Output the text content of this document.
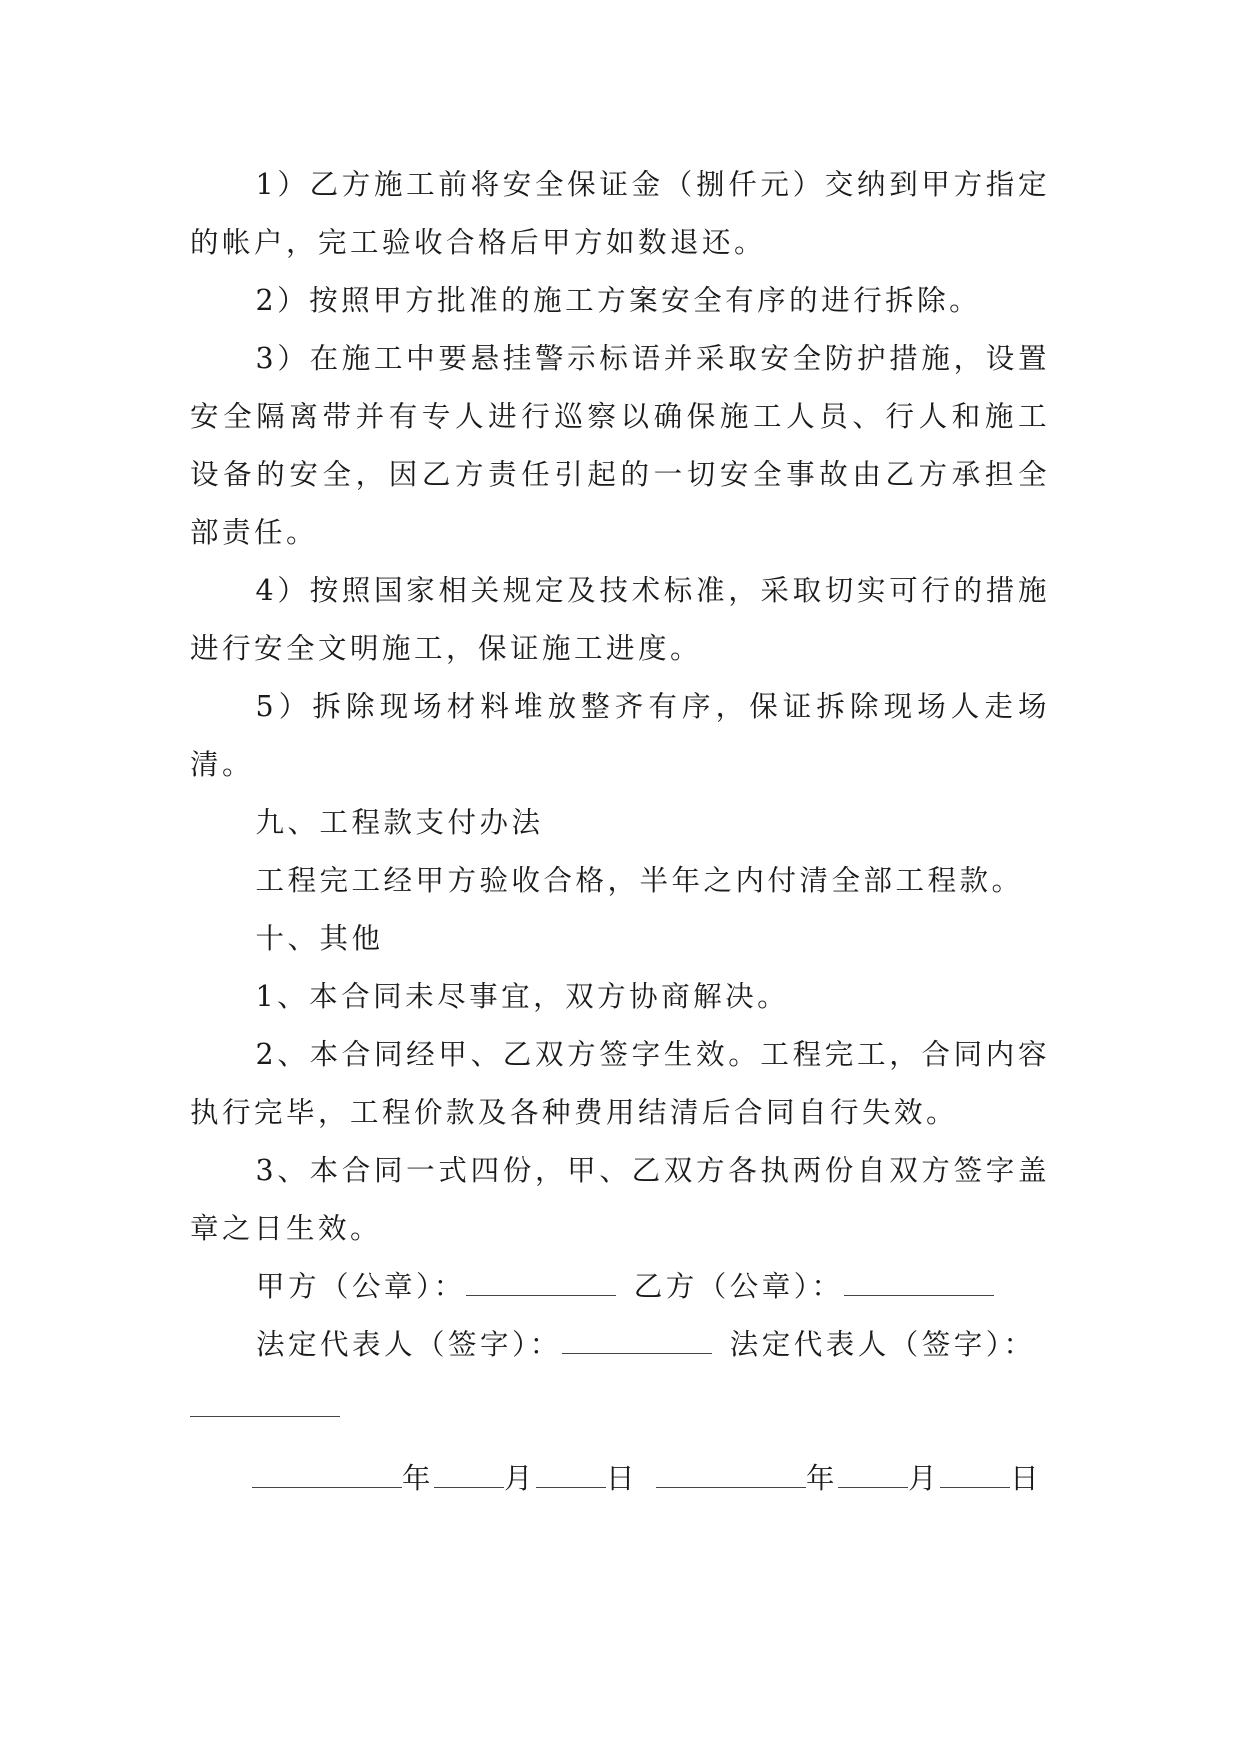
1）乙方施工前将安全保证金（捌仟元）交纳到甲方指定的帐户，完工验收合格后甲方如数退还。

2）按照甲方批准的施工方案安全有序的进行拆除。

3）在施工中要悬挂警示标语并采取安全防护措施，设置安全隔离带并有专人进行巡察以确保施工人员、行人和施工设备的安全，因乙方责任引起的一切安全事故由乙方承担全部责任。

4）按照国家相关规定及技术标准，采取切实可行的措施进行安全文明施工，保证施工进度。

5）拆除现场材料堆放整齐有序，保证拆除现场人走场清。

九、工程款支付办法

工程完工经甲方验收合格，半年之内付清全部工程款。

十、其他

1、本合同未尽事宜，双方协商解决。

2、本合同经甲、乙双方签字生效。工程完工，合同内容执行完毕，工程价款及各种费用结清后合同自行失效。

3、本合同一式四份，甲、乙双方各执两份自双方签字盖章之日生效。

甲方（公章）：	乙方（公章）：

法定代表人（签字）：	法定代表人（签字）：

年 月 日	年 月 日
